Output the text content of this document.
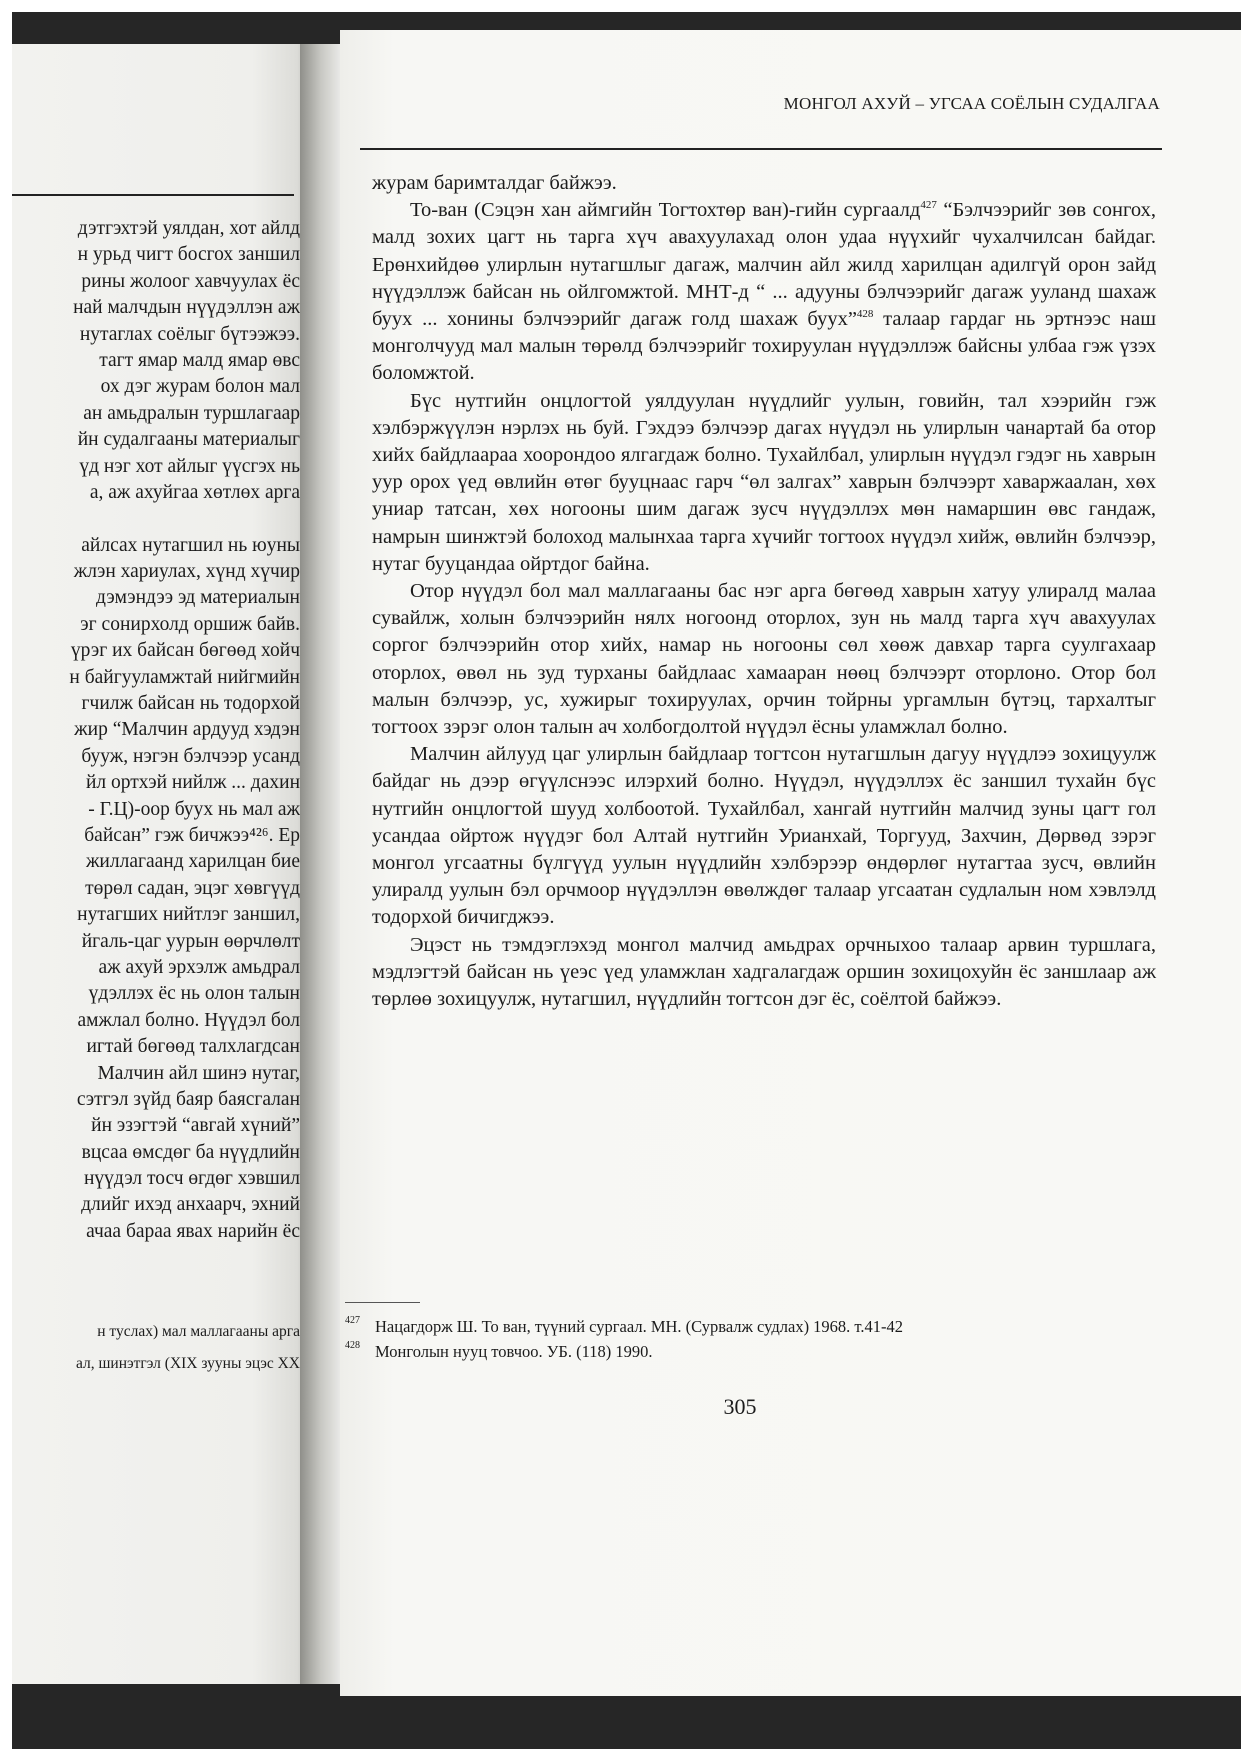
дэтгэхтэй уялдан, хот айлд
н урьд чигт босгох заншил
рины жолоог хавчуулах ёс
най малчдын нүүдэллэн аж
нутаглах соёлыг бүтээжээ.
тагт ямар малд ямар өвс
ох дэг журам болон мал
ан амьдралын туршлагаар
йн судалгааны материалыг
үд нэг хот айлыг үүсгэх нь
а, аж ахуйгаа хөтлөх арга
айлсах нутагшил нь юуны
жлэн хариулах, хүнд хүчир
дэмэндээ эд материалын
эг сонирхолд оршиж байв.
үрэг их байсан бөгөөд хойч
н байгууламжтай нийгмийн
гчилж байсан нь тодорхой
жир “Малчин ардууд хэдэн
бууж, нэгэн бэлчээр усанд
йл ортхэй нийлж ... дахин
- Г.Ц)-оор буух нь мал аж
байсан” гэж бичжээ⁴²⁶. Ер
жиллагаанд харилцан бие
төрөл садан, эцэг хөвгүүд
нутагших нийтлэг заншил,
йгаль-цаг уурын өөрчлөлт
аж ахуй эрхэлж амьдрал
үдэллэх ёс нь олон талын
амжлал болно. Нүүдэл бол
игтай бөгөөд талхлагдсан
Малчин айл шинэ нутаг,
сэтгэл зүйд баяр баясгалан
йн эзэгтэй “авгай хүний”
вцсаа өмсдөг ба нүүдлийн
нүүдэл тосч өгдөг хэвшил
длийг ихэд анхаарч, эхний
ачаа бараа явах нарийн ёс
н туслах) мал маллагааны арга
ал, шинэтгэл (XIX зууны эцэс XX
МОНГОЛ АХУЙ – УГСАА СОЁЛЫН СУДАЛГАА

журам баримталдаг байжээ.

То-ван (Сэцэн хан аймгийн Тогтохтөр ван)-гийн сургаалд$^{427}$ “Бэлчээрийг зөв сонгох, малд зохих цагт нь тарга хүч авахуулахад олон удаа нүүхийг чухалчилсан байдаг. Ерөнхийдөө улирлын нутагшлыг дагаж, малчин айл жилд харилцан адилгүй орон зайд нүүдэллэж байсан нь ойлгомжтой. МНТ-д “ ... адууны бэлчээрийг дагаж ууланд шахаж буух ... хонины бэлчээрийг дагаж голд шахаж буух”$^{428}$ талаар гардаг нь эртнээс наш монголчууд мал малын төрөлд бэлчээрийг тохируулан нүүдэллэж байсны улбаа гэж үзэх боломжтой.

Бүс нутгийн онцлогтой уялдуулан нүүдлийг уулын, говийн, тал хээрийн гэж хэлбэржүүлэн нэрлэх нь буй. Гэхдээ бэлчээр дагах нүүдэл нь улирлын чанартай ба отор хийх байдлаараа хоорондоо ялгагдаж болно. Тухайлбал, улирлын нүүдэл гэдэг нь хаврын уур орох үед өвлийн өтөг бууцнаас гарч “өл залгах” хаврын бэлчээрт хаваржаалан, хөх униар татсан, хөх ногооны шим дагаж зусч нүүдэллэх мөн намаршин өвс гандаж, намрын шинжтэй болоход малынхаа тарга хүчийг тогтоох нүүдэл хийж, өвлийн бэлчээр, нутаг бууцандаа ойртдог байна.

Отор нүүдэл бол мал маллагааны бас нэг арга бөгөөд хаврын хатуу улиралд малаа сувайлж, холын бэлчээрийн нялх ногоонд оторлох, зун нь малд тарга хүч авахуулах соргог бэлчээрийн отор хийх, намар нь ногооны сөл хөөж давхар тарга суулгахаар оторлох, өвөл нь зуд турханы байдлаас хамааран нөөц бэлчээрт оторлоно. Отор бол малын бэлчээр, ус, хужирыг тохируулах, орчин тойрны ургамлын бүтэц, тархалтыг тогтоох зэрэг олон талын ач холбогдолтой нүүдэл ёсны уламжлал болно.

Малчин айлууд цаг улирлын байдлаар тогтсон нутагшлын дагуу нүүдлээ зохицуулж байдаг нь дээр өгүүлснээс илэрхий болно. Нүүдэл, нүүдэллэх ёс заншил тухайн бүс нутгийн онцлогтой шууд холбоотой. Тухайлбал, хангай нутгийн малчид зуны цагт гол усандаа ойртож нүүдэг бол Алтай нутгийн Урианхай, Торгууд, Захчин, Дөрвөд зэрэг монгол угсаатны бүлгүүд уулын нүүдлийн хэлбэрээр өндөрлөг нутагтаа зусч, өвлийн улиралд уулын бэл орчмоор нүүдэллэн өвөлждөг талаар угсаатан судлалын ном хэвлэлд тодорхой бичигджээ.

Эцэст нь тэмдэглэхэд монгол малчид амьдрах орчныхоо талаар арвин туршлага, мэдлэгтэй байсан нь үеэс үед уламжлан хадгалагдаж оршин зохицохуйн ёс заншлаар аж төрлөө зохицуулж, нутагшил, нүүдлийн тогтсон дэг ёс, соёлтой байжээ.

427 Нацагдорж Ш. То ван, түүний сургаал. МН. (Сурвалж судлах) 1968. т.41-42
428 Монголын нууц товчоо. УБ. (118) 1990.
305
